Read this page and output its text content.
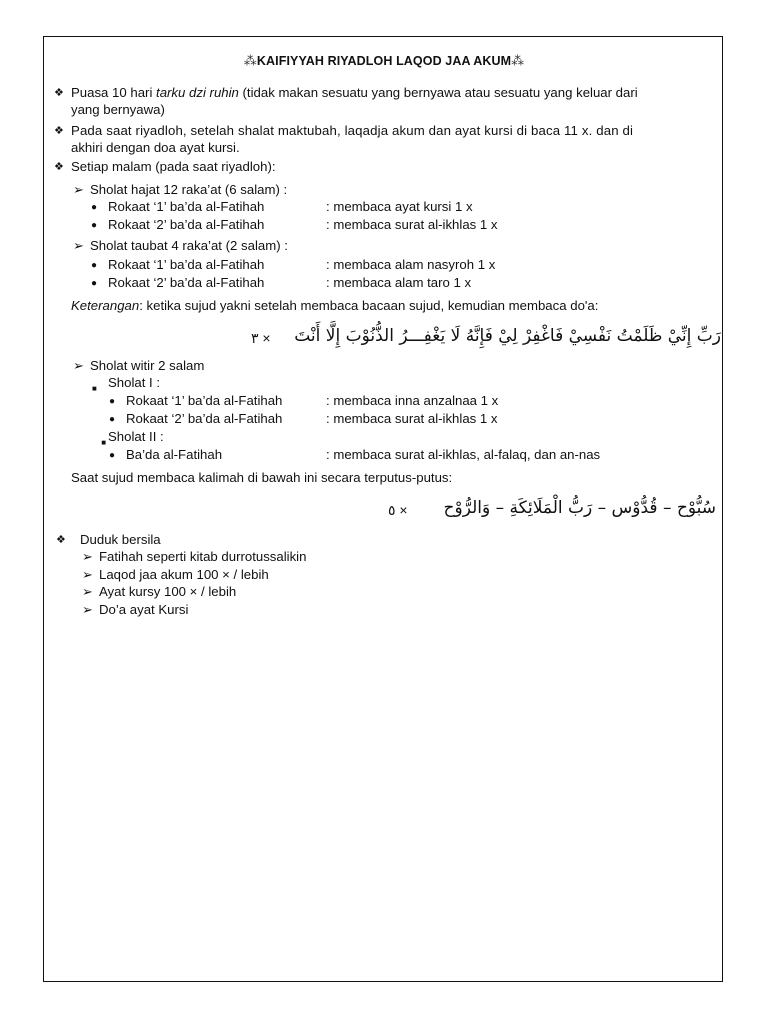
⁂KAIFIYYAH RIYADLOH LAQOD JAA AKUM⁂
❖ Puasa 10 hari tarku dzi ruhin (tidak makan sesuatu yang bernyawa atau sesuatu yang keluar dari
yang bernyawa)
❖ Pada saat riyadloh, setelah shalat maktubah, laqadja akum dan ayat kursi di baca 11 x. dan di
akhiri dengan doa ayat kursi.
❖ Setiap malam (pada saat riyadloh):
➢ Sholat hajat 12 raka’at (6 salam) :
● Rokaat ‘1’ ba’da al-Fatihah	: membaca ayat kursi 1 x
● Rokaat ‘2’ ba’da al-Fatihah	: membaca surat al-ikhlas 1 x
➢ Sholat taubat 4 raka’at (2 salam) :
● Rokaat ‘1’ ba’da al-Fatihah	: membaca alam nasyroh 1 x
● Rokaat ‘2’ ba’da al-Fatihah	: membaca alam taro 1 x
Keterangan: ketika sujud yakni setelah membaca bacaan sujud, kemudian membaca do'a:
رَبِّ إِنِّيْ ظَلَمْتُ نَفْسِيْ فَاغْفِرْ لِيْ فَإِنَّهُ لَا يَغْفِـــرُ الذُّنُوْبَ إِلَّا أَنْتَ
٣ ×
➢ Sholat witir 2 salam
$_■$ Sholat I :
● Rokaat ‘1’ ba’da al-Fatihah	: membaca inna anzalnaa 1 x
● Rokaat ‘2’ ba’da al-Fatihah	: membaca surat al-ikhlas 1 x
$_■$ Sholat II :
● Ba’da al-Fatihah	: membaca surat al-ikhlas, al-falaq, dan an-nas
Saat sujud membaca kalimah di bawah ini secara terputus-putus:
سُبُّوْح – قُدُّوْس – رَبُّ الْمَلَائِكَةِ – وَالرُّوْح
٥ ×
❖ Duduk bersila
➢ Fatihah seperti kitab durrotussalikin
➢ Laqod jaa akum 100 × / lebih
➢ Ayat kursy 100 × / lebih
➢ Do’a ayat Kursi
